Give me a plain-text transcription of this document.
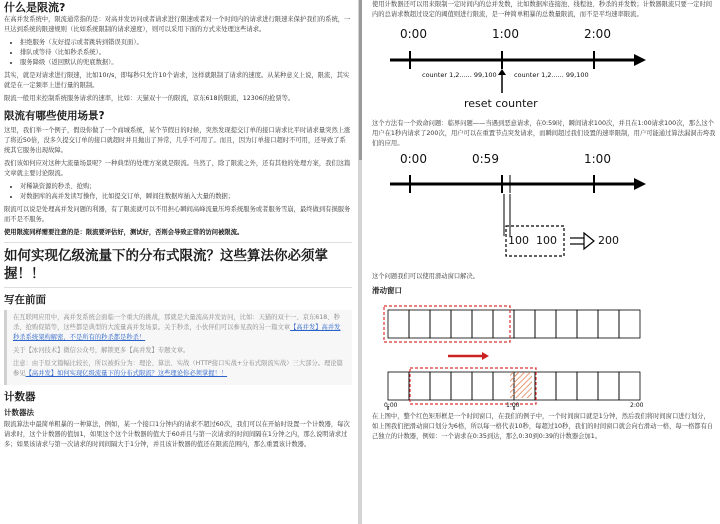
什么是限流?

在高并发系统中，限流通常指的是：对高并发访问或者请求进行限速或者对一个时间内的请求进行限速来保护我们的系统，一旦达到系统的限速规则（比如系统限制的请求速度），则可以采用下面的方式来处理这些请求。

• 拒绝服务（友好提示或者跳转到错误页面）。
• 排队或等待（比如秒杀系统）。
• 服务降级（返回默认的兜底数据）。

其实，就是对请求进行限速，比如10r/s，即每秒只允许10个请求，这样就限制了请求的速度。从某种意义上说，限流，其实就是在一定频率上进行量的限制。

限流一般用来控制系统服务请求的速率，比如：天猫双十一的限流，京东618的限流，12306的抢票等。

限流有哪些使用场景?

这里，我们举一个例子，假设你做了一个商城系统，某个节假日的时候，突然发现提交订单的接口请求比平时请求量突然上涨了将近50倍，没多久提交订单的接口就超时并且抛出了异常，几乎不可用了。而且，因为订单接口超时不可用，还导致了系统其它服务出现故障。

我们该如何应对这种大流量场景呢？一种典型的处理方案就是限流。当然了，除了限流之外，还有其他的处理方案，我们这篇文章就主要讨论限流。

• 对稀缺资源的秒杀、抢购；
• 对数据库的高并发读写操作，比如提交订单，瞬间往数据库插入大量的数据；

限流可以说是处理高并发问题的利器，有了限流就可以不用担心瞬间高峰流量压垮系统服务或者服务雪崩，最终做到有损服务而不是不服务。

使用限流同样需要注意的是：限流要评估好，测试好，否则会导致正常的访问被限流。

如何实现亿级流量下的分布式限流？这些算法你必须掌握！！
写在前面

在互联网应用中，高并发系统会面临一个重大的挑战，那就是大量流高并发访问，比如：天猫的双十一、京东618、秒杀、抢购促销等，这些都是典型的大流量高并发场景。关于秒杀，小伙伴们可以参见我的另一篇文章【高并发】高并发秒杀系统架构解密，不是所有的秒杀都是秒杀！

关于【冰河技术】微信公众号，解锁更多【高并发】专题文章。

注意：由于原文篇幅比较长，所以被拆分为：理论、算法、实战（HTTP接口实战+分布式限流实战）三大部分。理论篇参见【高并发】如何实现亿级流量下的分布式限流？这些理论你必须掌握！！

计数器
计数器法

限流算法中最简单粗暴的一种算法，例如，某一个接口1分钟内的请求不超过60次，我们可以在开始时设置一个计数器，每次请求时，这个计数器的值加1，如果这个这个计数器的值大于60并且与第一次请求的时间间隔在1分钟之内，那么说明请求过多；如果该请求与第一次请求的时间间隔大于1分钟，并且该计数器的值还在限流范围内，那么重置该计数器。

使用计数器还可以用来限制一定时间内的总并发数，比如数据库连接池、线程池、秒杀的并发数；计数器限流只要一定时间内的总请求数超过设定的阈值则进行限流，是一种简单粗暴的总数量限流，而不是平均速率限流。

0:00	1:00	2:00
counter 1,2...... 99,100	counter 1,2...... 99,100
reset counter

这个方法有一个致命问题：临界问题——当遇到恶意请求，在0:59时，瞬间请求100次，并且在1:00请求100次，那么这个用户在1秒内请求了200次，用户可以在重置节点突发请求，而瞬间超过我们设置的速率限制，用户可能通过算法漏洞击垮我们的应用。

0:00	0:59	1:00
100 100	200

这个问题我们可以使用滑动窗口解决。

滑动窗口
0:00	1:00	2:00

在上图中，整个红色矩形框是一个时间窗口，在我们的例子中，一个时间窗口就是1分钟，然后我们将时间窗口进行划分，如上图我们把滑动窗口划分为6格，所以每一格代表10秒，每超过10秒，我们的时间窗口就会向右滑动一格，每一格都有自己独立的计数器，例如：一个请求在0:35到达，那么0:30到0:39的计数器会加1。
